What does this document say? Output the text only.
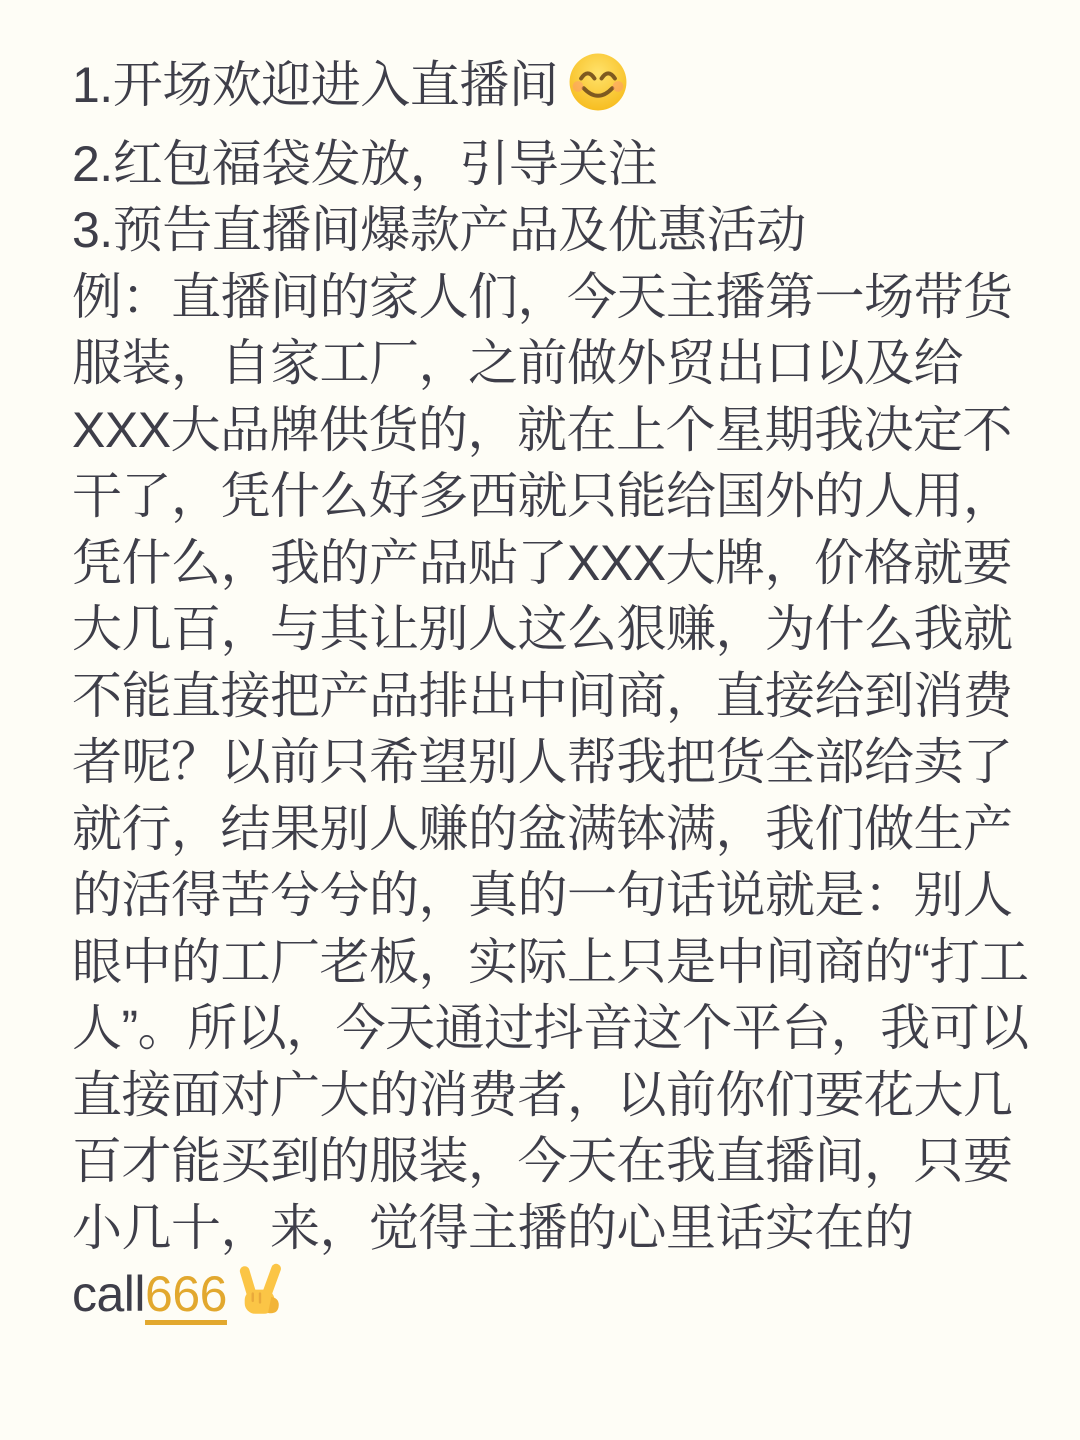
1.开场欢迎进入直播间
2.红包福袋发放，引导关注
3.预告直播间爆款产品及优惠活动
例：直播间的家人们，今天主播第一场带货
服装，自家工厂，之前做外贸出口以及给
XXX大品牌供货的，就在上个星期我决定不
干了，凭什么好多西就只能给国外的人用，
凭什么，我的产品贴了XXX大牌，价格就要
大几百，与其让别人这么狠赚，为什么我就
不能直接把产品排出中间商，直接给到消费
者呢？以前只希望别人帮我把货全部给卖了
就行，结果别人赚的盆满钵满，我们做生产
的活得苦兮兮的，真的一句话说就是：别人
眼中的工厂老板，实际上只是中间商的“打工
人”。所以，今天通过抖音这个平台，我可以
直接面对广大的消费者，以前你们要花大几
百才能买到的服装，今天在我直播间，只要
小几十，来，觉得主播的心里话实在的
call666
